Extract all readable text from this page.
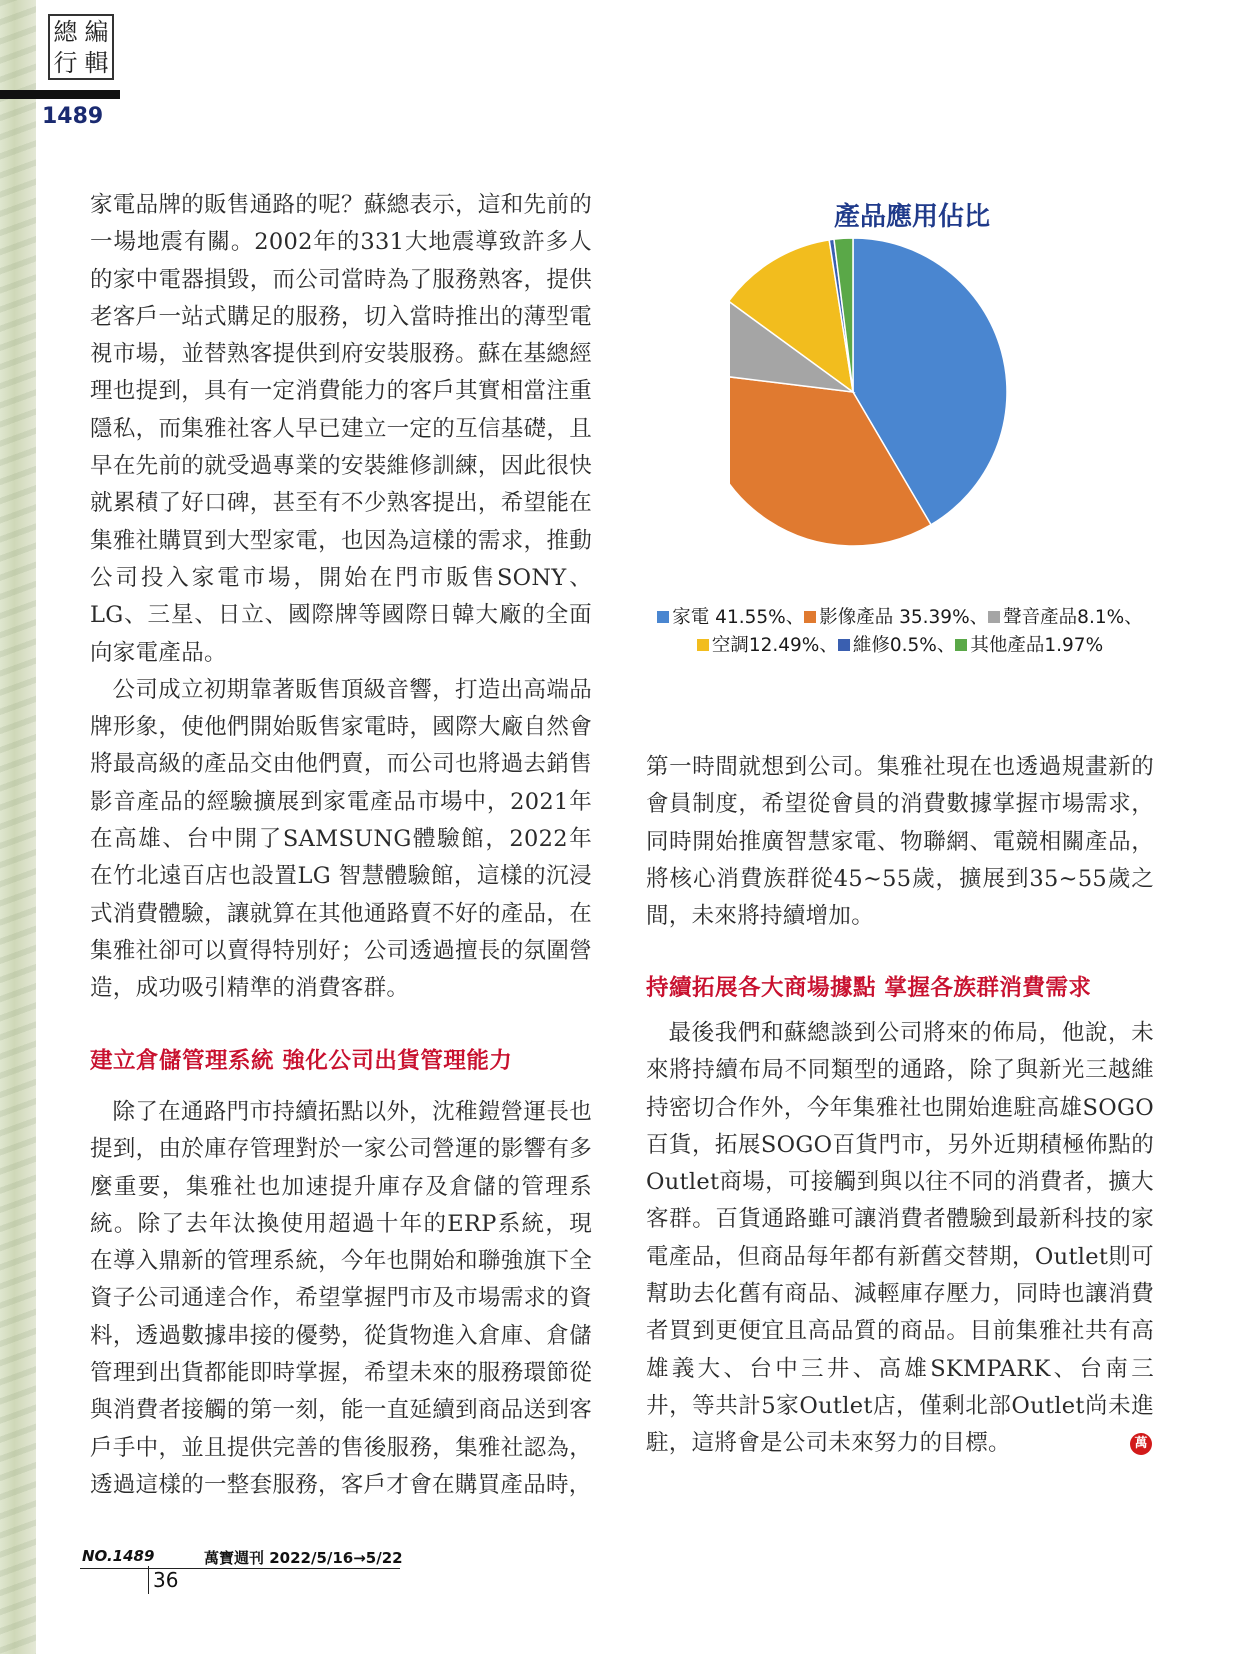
總 編
行 輯
1489

家電品牌的販售通路的呢？蘇總表示，這和先前的一場地震有關。2002年的331大地震導致許多人的家中電器損毀，而公司當時為了服務熟客，提供老客戶一站式購足的服務，切入當時推出的薄型電視市場，並替熟客提供到府安裝服務。蘇在基總經理也提到，具有一定消費能力的客戶其實相當注重隱私，而集雅社客人早已建立一定的互信基礎，且早在先前的就受過專業的安裝維修訓練，因此很快就累積了好口碑，甚至有不少熟客提出，希望能在集雅社購買到大型家電，也因為這樣的需求，推動公司投入家電市場，開始在門市販售SONY、LG、三星、日立、國際牌等國際日韓大廠的全面向家電產品。

公司成立初期靠著販售頂級音響，打造出高端品牌形象，使他們開始販售家電時，國際大廠自然會將最高級的產品交由他們賣，而公司也將過去銷售影音產品的經驗擴展到家電產品市場中，2021年在高雄、台中開了SAMSUNG體驗館，2022年在竹北遠百店也設置LG 智慧體驗館，這樣的沉浸式消費體驗，讓就算在其他通路賣不好的產品，在集雅社卻可以賣得特別好；公司透過擅長的氛圍營造，成功吸引精準的消費客群。

建立倉儲管理系統 強化公司出貨管理能力

除了在通路門市持續拓點以外，沈稚鎧營運長也提到，由於庫存管理對於一家公司營運的影響有多麼重要，集雅社也加速提升庫存及倉儲的管理系統。除了去年汰換使用超過十年的ERP系統，現在導入鼎新的管理系統，今年也開始和聯強旗下全資子公司通達合作，希望掌握門市及市場需求的資料，透過數據串接的優勢，從貨物進入倉庫、倉儲管理到出貨都能即時掌握，希望未來的服務環節從與消費者接觸的第一刻，能一直延續到商品送到客戶手中，並且提供完善的售後服務，集雅社認為，透過這樣的一整套服務，客戶才會在購買產品時，

產品應用佔比
家電 41.55%、 影像產品 35.39%、 聲音產品8.1%、
空調12.49%、 維修0.5%、 其他產品1.97%

第一時間就想到公司。集雅社現在也透過規畫新的會員制度，希望從會員的消費數據掌握市場需求，同時開始推廣智慧家電、物聯網、電競相關產品，將核心消費族群從45~55歲，擴展到35~55歲之間，未來將持續增加。

持續拓展各大商場據點 掌握各族群消費需求

最後我們和蘇總談到公司將來的佈局，他說，未來將持續布局不同類型的通路，除了與新光三越維持密切合作外，今年集雅社也開始進駐高雄SOGO百貨，拓展SOGO百貨門市，另外近期積極佈點的Outlet商場，可接觸到與以往不同的消費者，擴大客群。百貨通路雖可讓消費者體驗到最新科技的家電產品，但商品每年都有新舊交替期，Outlet則可幫助去化舊有商品、減輕庫存壓力，同時也讓消費者買到更便宜且高品質的商品。目前集雅社共有高雄義大、台中三井、高雄SKMPARK、台南三井，等共計5家Outlet店，僅剩北部Outlet尚未進駐，這將會是公司未來努力的目標。	萬
NO.1489	萬寶週刊 2022/5/16→5/22
36
